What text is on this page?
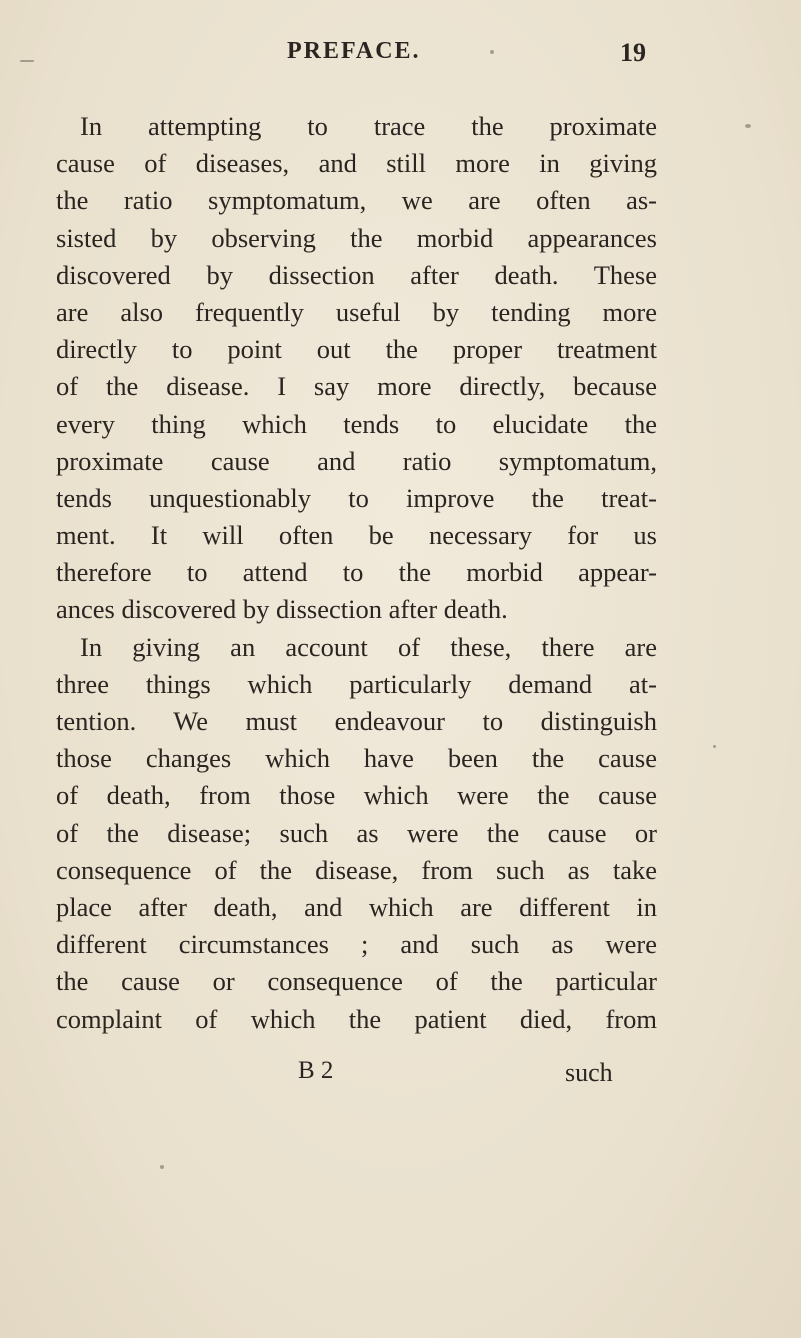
PREFACE.	19
In attempting to trace the proximate
cause of diseases, and still more in giving
the ratio symptomatum, we are often as-
sisted by observing the morbid appearances
discovered by dissection after death. These
are also frequently useful by tending more
directly to point out the proper treatment
of the disease. I say more directly, because
every thing which tends to elucidate the
proximate cause and ratio symptomatum,
tends unquestionably to improve the treat-
ment. It will often be necessary for us
therefore to attend to the morbid appear-
ances discovered by dissection after death.
In giving an account of these, there are
three things which particularly demand at-
tention. We must endeavour to distinguish
those changes which have been the cause
of death, from those which were the cause
of the disease; such as were the cause or
consequence of the disease, from such as take
place after death, and which are different in
different circumstances ; and such as were
the cause or consequence of the particular
complaint of which the patient died, from
B 2	such
